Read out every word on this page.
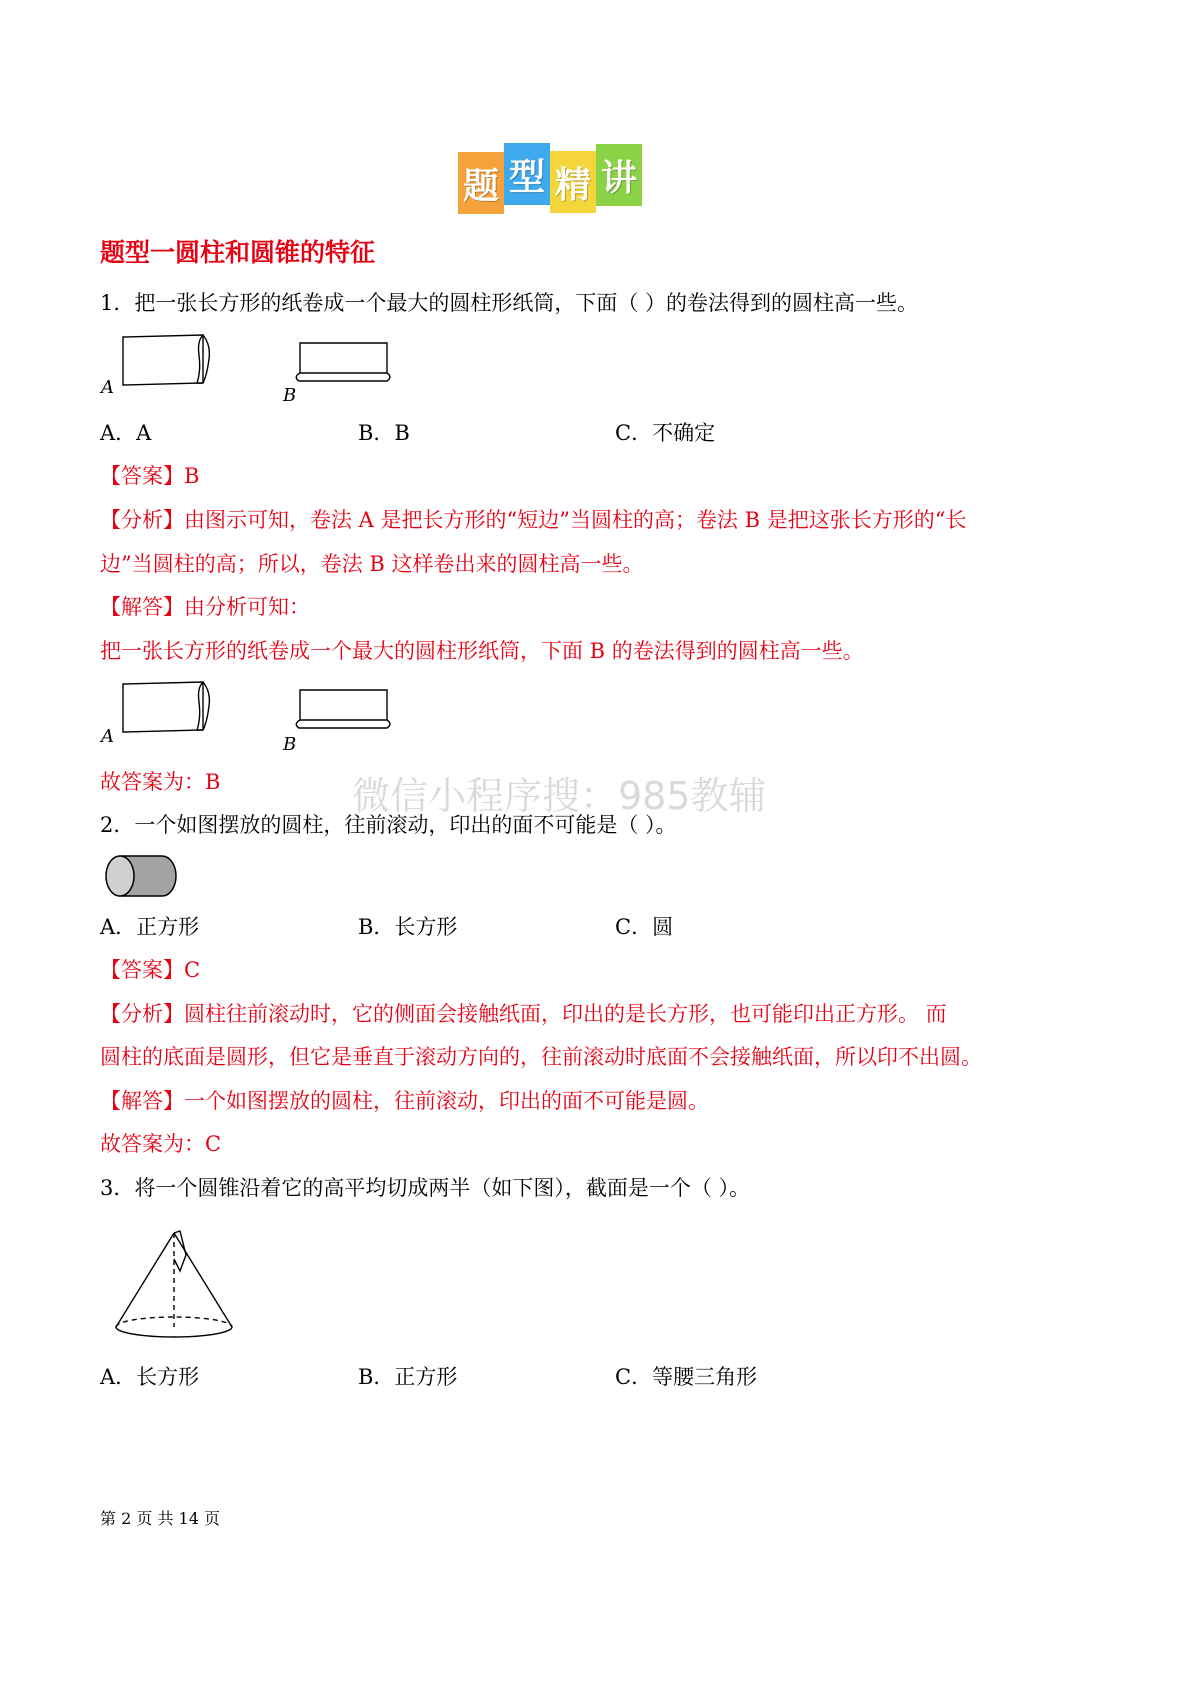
题 型 精 讲
题型一圆柱和圆锥的特征
1．把一张长方形的纸卷成一个最大的圆柱形纸筒，下面（ ）的卷法得到的圆柱高一些。
A	B
A．A	B．B	C．不确定
【答案】B
【分析】由图示可知，卷法 A 是把长方形的“短边”当圆柱的高；卷法 B 是把这张长方形的“长
边”当圆柱的高；所以，卷法 B 这样卷出来的圆柱高一些。
【解答】由分析可知：
把一张长方形的纸卷成一个最大的圆柱形纸筒，下面 B 的卷法得到的圆柱高一些。
A	B
故答案为：B	微信小程序搜：985教辅
2．一个如图摆放的圆柱，往前滚动，印出的面不可能是（ ）。
A．正方形	B．长方形	C．圆
【答案】C
【分析】圆柱往前滚动时，它的侧面会接触纸面，印出的是长方形，也可能印出正方形。 而
圆柱的底面是圆形，但它是垂直于滚动方向的，往前滚动时底面不会接触纸面，所以印不出圆。
【解答】一个如图摆放的圆柱，往前滚动，印出的面不可能是圆。
故答案为：C
3．将一个圆锥沿着它的高平均切成两半（如下图），截面是一个（ ）。
A．长方形	B．正方形	C．等腰三角形
第 2 页 共 14 页
